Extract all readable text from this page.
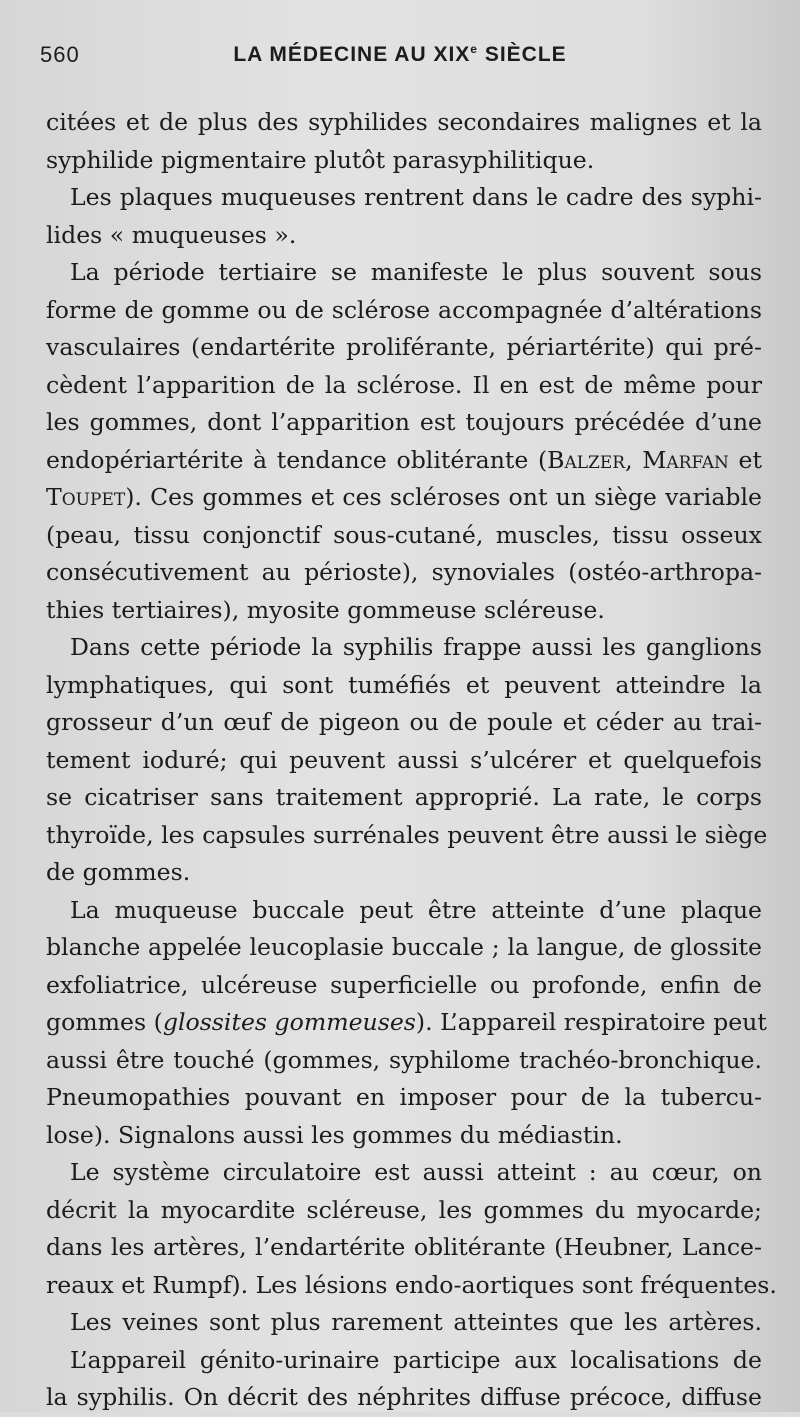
560	LA MÉDECINE AU XIXe SIÈCLE
citées et de plus des syphilides secondaires malignes et la
syphilide pigmentaire plutôt parasyphilitique.
Les plaques muqueuses rentrent dans le cadre des syphi-
lides « muqueuses ».
La période tertiaire se manifeste le plus souvent sous
forme de gomme ou de sclérose accompagnée d’altérations
vasculaires (endartérite proliférante, périartérite) qui pré-
cèdent l’apparition de la sclérose. Il en est de même pour
les gommes, dont l’apparition est toujours précédée d’une
endopériartérite à tendance oblitérante (Balzer, Marfan et
Toupet). Ces gommes et ces scléroses ont un siège variable
(peau, tissu conjonctif sous-cutané, muscles, tissu osseux
consécutivement au périoste), synoviales (ostéo-arthropa-
thies tertiaires), myosite gommeuse scléreuse.
Dans cette période la syphilis frappe aussi les ganglions
lymphatiques, qui sont tuméfiés et peuvent atteindre la
grosseur d’un œuf de pigeon ou de poule et céder au trai-
tement ioduré; qui peuvent aussi s’ulcérer et quelquefois
se cicatriser sans traitement approprié. La rate, le corps
thyroïde, les capsules surrénales peuvent être aussi le siège
de gommes.
La muqueuse buccale peut être atteinte d’une plaque
blanche appelée leucoplasie buccale ; la langue, de glossite
exfoliatrice, ulcéreuse superficielle ou profonde, enfin de
gommes (glossites gommeuses). L’appareil respiratoire peut
aussi être touché (gommes, syphilome trachéo-bronchique.
Pneumopathies pouvant en imposer pour de la tubercu-
lose). Signalons aussi les gommes du médiastin.
Le système circulatoire est aussi atteint : au cœur, on
décrit la myocardite scléreuse, les gommes du myocarde;
dans les artères, l’endartérite oblitérante (Heubner, Lance-
reaux et Rumpf). Les lésions endo-aortiques sont fréquentes.
Les veines sont plus rarement atteintes que les artères.
L’appareil génito-urinaire participe aux localisations de
la syphilis. On décrit des néphrites diffuse précoce, diffuse
